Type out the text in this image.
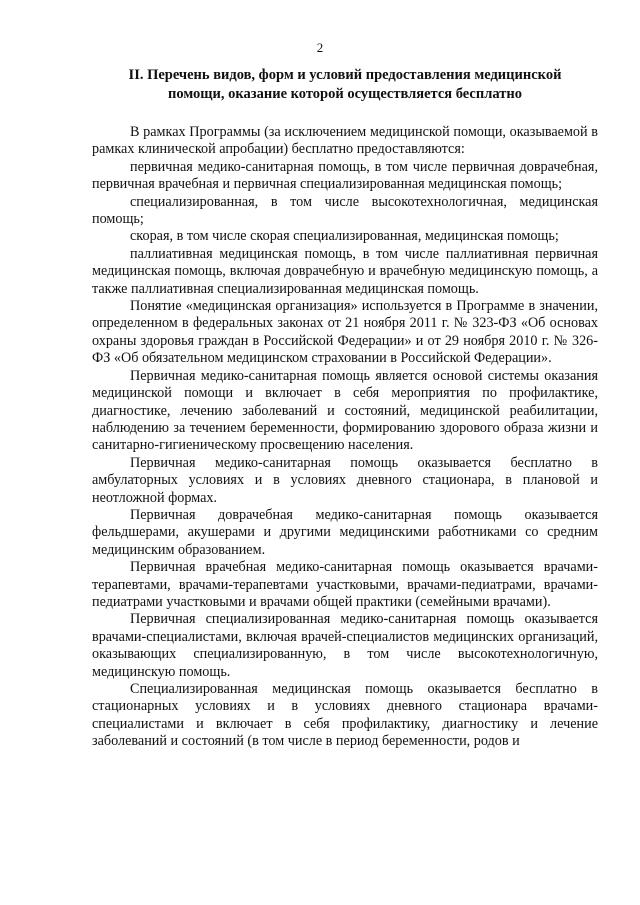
2
II. Перечень видов, форм и условий предоставления медицинской помощи, оказание которой осуществляется бесплатно

В рамках Программы (за исключением медицинской помощи, оказываемой в рамках клинической апробации) бесплатно предоставляются:

первичная медико-санитарная помощь, в том числе первичная доврачебная, первичная врачебная и первичная специализированная медицинская помощь;

специализированная, в том числе высокотехнологичная, медицинская помощь;

скорая, в том числе скорая специализированная, медицинская помощь;

паллиативная медицинская помощь, в том числе паллиативная первичная медицинская помощь, включая доврачебную и врачебную медицинскую помощь, а также паллиативная специализированная медицинская помощь.

Понятие «медицинская организация» используется в Программе в значении, определенном в федеральных законах от 21 ноября 2011 г. № 323-ФЗ «Об основах охраны здоровья граждан в Российской Федерации» и от 29 ноября 2010 г. № 326-ФЗ «Об обязательном медицинском страховании в Российской Федерации».

Первичная медико-санитарная помощь является основой системы оказания медицинской помощи и включает в себя мероприятия по профилактике, диагностике, лечению заболеваний и состояний, медицинской реабилитации, наблюдению за течением беременности, формированию здорового образа жизни и санитарно-гигиеническому просвещению населения.

Первичная медико-санитарная помощь оказывается бесплатно в амбулаторных условиях и в условиях дневного стационара, в плановой и неотложной формах.

Первичная доврачебная медико-санитарная помощь оказывается фельдшерами, акушерами и другими медицинскими работниками со средним медицинским образованием.

Первичная врачебная медико-санитарная помощь оказывается врачами-терапевтами, врачами-терапевтами участковыми, врачами-педиатрами, врачами-педиатрами участковыми и врачами общей практики (семейными врачами).

Первичная специализированная медико-санитарная помощь оказывается врачами-специалистами, включая врачей-специалистов медицинских организаций, оказывающих специализированную, в том числе высокотехнологичную, медицинскую помощь.

Специализированная медицинская помощь оказывается бесплатно в стационарных условиях и в условиях дневного стационара врачами-специалистами и включает в себя профилактику, диагностику и лечение заболеваний и состояний (в том числе в период беременности, родов и
